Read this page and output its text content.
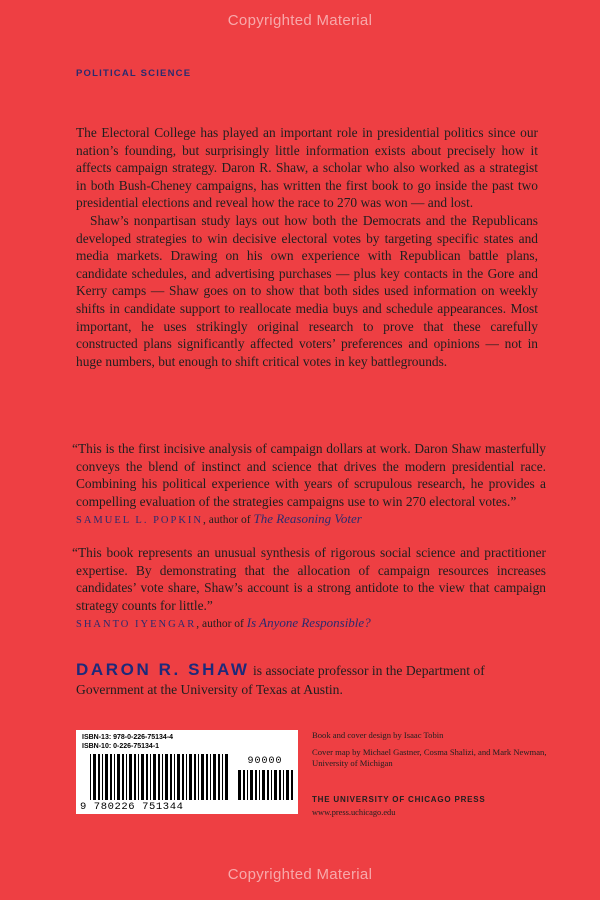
Copyrighted Material
POLITICAL SCIENCE

The Electoral College has played an important role in presidential politics since our nation’s founding, but surprisingly little information exists about precisely how it affects campaign strategy. Daron R. Shaw, a scholar who also worked as a strategist in both Bush-Cheney campaigns, has written the first book to go inside the past two presidential elections and reveal how the race to 270 was won — and lost.

Shaw’s nonpartisan study lays out how both the Democrats and the Republicans developed strategies to win decisive electoral votes by targeting specific states and media markets. Drawing on his own experience with Republican battle plans, candidate schedules, and advertising purchases — plus key contacts in the Gore and Kerry camps — Shaw goes on to show that both sides used information on weekly shifts in candidate support to reallocate media buys and schedule appearances. Most important, he uses strikingly original research to prove that these carefully constructed plans significantly affected voters’ preferences and opinions — not in huge numbers, but enough to shift critical votes in key battlegrounds.

“This is the first incisive analysis of campaign dollars at work. Daron Shaw masterfully conveys the blend of instinct and science that drives the modern presidential race. Combining his political experience with years of scrupulous research, he provides a compelling evaluation of the strategies campaigns use to win 270 electoral votes.”

SAMUEL L. POPKIN, author of The Reasoning Voter

“This book represents an unusual synthesis of rigorous social science and practitioner expertise. By demonstrating that the allocation of campaign resources increases candidates’ vote share, Shaw’s account is a strong antidote to the view that campaign strategy counts for little.”

SHANTO IYENGAR, author of Is Anyone Responsible?
DARON R. SHAW is associate professor in the Department of Government at the University of Texas at Austin.
ISBN-13: 978-0-226-75134-4
ISBN-10: 0-226-75134-1
9 780226 751344
90000

Book and cover design by Isaac Tobin

Cover map by Michael Gastner, Cosma Shalizi, and Mark Newman, University of Michigan

THE UNIVERSITY OF CHICAGO PRESS
www.press.uchicago.edu
Copyrighted Material
